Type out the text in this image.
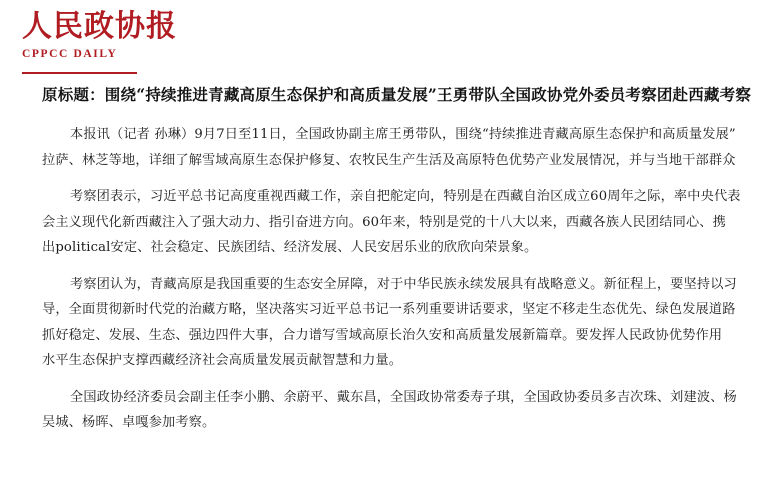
人民政协报
CPPCC DAILY
原标题：围绕“持续推进青藏高原生态保护和高质量发展”王勇带队全国政协党外委员考察团赴西藏考察

本报讯（记者 孙琳）9月7日至11日，全国政协副主席王勇带队，围绕“持续推进青藏高原生态保护和高质量发展”
拉萨、林芝等地，详细了解雪域高原生态保护修复、农牧民生产生活及高原特色优势产业发展情况，并与当地干部群众

考察团表示，习近平总书记高度重视西藏工作，亲自把舵定向，特别是在西藏自治区成立60周年之际，率中央代表
会主义现代化新西藏注入了强大动力、指引奋进方向。60年来，特别是党的十八大以来，西藏各族人民团结同心、携
出political安定、社会稳定、民族团结、经济发展、人民安居乐业的欣欣向荣景象。

考察团认为，青藏高原是我国重要的生态安全屏障，对于中华民族永续发展具有战略意义。新征程上，要坚持以习
导，全面贯彻新时代党的治藏方略，坚决落实习近平总书记一系列重要讲话要求，坚定不移走生态优先、绿色发展道路
抓好稳定、发展、生态、强边四件大事，合力谱写雪域高原长治久安和高质量发展新篇章。要发挥人民政协优势作用
水平生态保护支撑西藏经济社会高质量发展贡献智慧和力量。

全国政协经济委员会副主任李小鹏、余蔚平、戴东昌，全国政协常委寿子琪，全国政协委员多吉次珠、刘建波、杨
吴城、杨晖、卓嘎参加考察。
